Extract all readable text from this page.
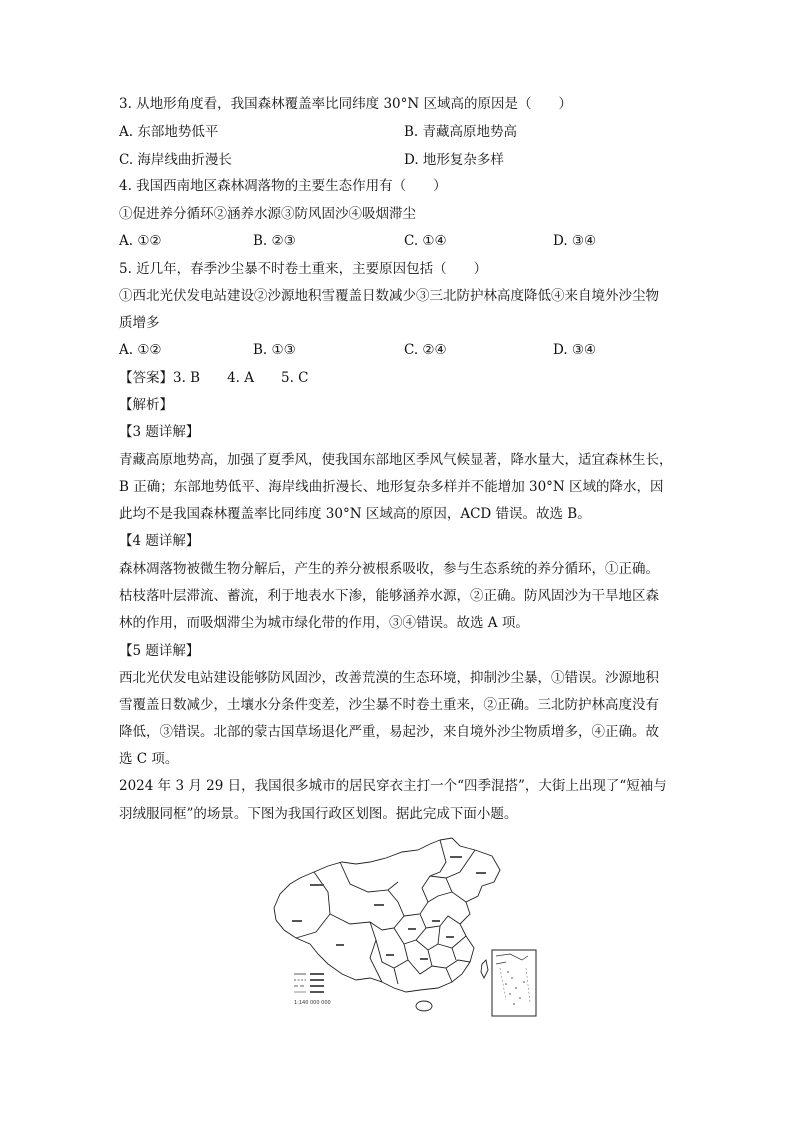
3. 从地形角度看，我国森林覆盖率比同纬度 30°N 区域高的原因是（　　）
A. 东部地势低平	B. 青藏高原地势高
C. 海岸线曲折漫长	D. 地形复杂多样
4. 我国西南地区森林凋落物的主要生态作用有（　　）
①促进养分循环②涵养水源③防风固沙④吸烟滞尘
A. ①②	B. ②③	C. ①④	D. ③④
5. 近几年，春季沙尘暴不时卷土重来，主要原因包括（　　）
①西北光伏发电站建设②沙源地积雪覆盖日数减少③三北防护林高度降低④来自境外沙尘物
质增多
A. ①②	B. ①③	C. ②④	D. ③④
【答案】3. B　　4. A　　5. C
【解析】
【3 题详解】
青藏高原地势高，加强了夏季风，使我国东部地区季风气候显著，降水量大，适宜森林生长，
B 正确；东部地势低平、海岸线曲折漫长、地形复杂多样并不能增加 30°N 区域的降水，因
此均不是我国森林覆盖率比同纬度 30°N 区域高的原因，ACD 错误。故选 B。
【4 题详解】
森林凋落物被微生物分解后，产生的养分被根系吸收，参与生态系统的养分循环，①正确。
枯枝落叶层滞流、蓄流，利于地表水下渗，能够涵养水源，②正确。防风固沙为干旱地区森
林的作用，而吸烟滞尘为城市绿化带的作用，③④错误。故选 A 项。
【5 题详解】
西北光伏发电站建设能够防风固沙，改善荒漠的生态环境，抑制沙尘暴，①错误。沙源地积
雪覆盖日数减少，土壤水分条件变差，沙尘暴不时卷土重来，②正确。三北防护林高度没有
降低，③错误。北部的蒙古国草场退化严重，易起沙，来自境外沙尘物质增多，④正确。故
选 C 项。
2024 年 3 月 29 日，我国很多城市的居民穿衣主打一个“四季混搭”，大街上出现了“短袖与
羽绒服同框”的场景。下图为我国行政区划图。据此完成下面小题。
1:140 000 000
